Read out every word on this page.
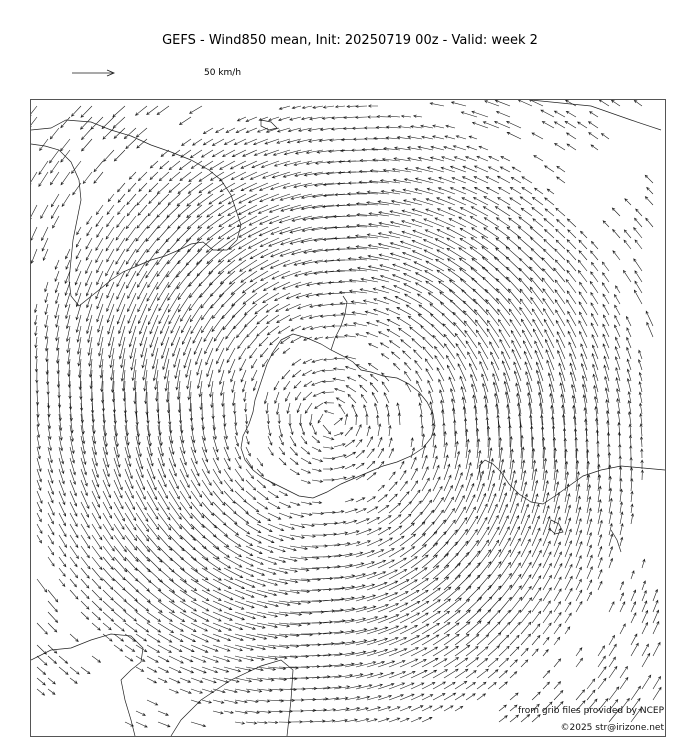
GEFS - Wind850 mean, Init: 20250719 00z - Valid: week 2
50 km/h
from grib files provided by NCEP
©2025 str@irizone.net
